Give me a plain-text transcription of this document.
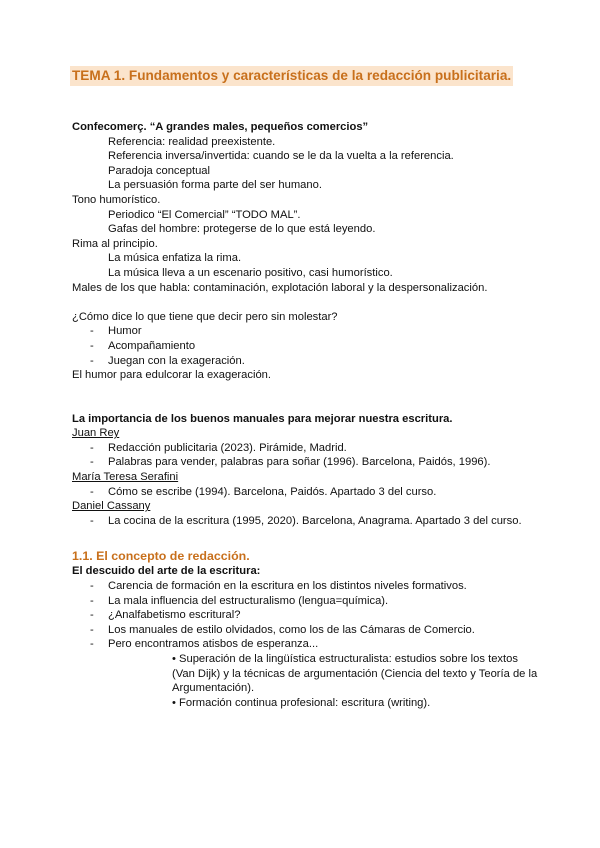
TEMA 1. Fundamentos y características de la redacción publicitaria.
Confecomerç. “A grandes males, pequeños comercios”
Referencia: realidad preexistente.
Referencia inversa/invertida: cuando se le da la vuelta a la referencia.
Paradoja conceptual
La persuasión forma parte del ser humano.
Tono humorístico.
Periodico “El Comercial” “TODO MAL”.
Gafas del hombre: protegerse de lo que está leyendo.
Rima al principio.
La música enfatiza la rima.
La música lleva a un escenario positivo, casi humorístico.
Males de los que habla: contaminación, explotación laboral y la despersonalización.
¿Cómo dice lo que tiene que decir pero sin molestar?
-	Humor
-	Acompañamiento
-	Juegan con la exageración.
El humor para edulcorar la exageración.
La importancia de los buenos manuales para mejorar nuestra escritura.
Juan Rey
-	Redacción publicitaria (2023). Pirámide, Madrid.
-	Palabras para vender, palabras para soñar (1996). Barcelona, Paidós, 1996).
María Teresa Serafini
-	Cómo se escribe (1994). Barcelona, Paidós. Apartado 3 del curso.
Daniel Cassany
-	La cocina de la escritura (1995, 2020). Barcelona, Anagrama. Apartado 3 del curso.
1.1. El concepto de redacción.
El descuido del arte de la escritura:
-	Carencia de formación en la escritura en los distintos niveles formativos.
-	La mala influencia del estructuralismo (lengua=química).
-	¿Analfabetismo escritural?
-	Los manuales de estilo olvidados, como los de las Cámaras de Comercio.
-	Pero encontramos atisbos de esperanza...
• Superación de la lingüística estructuralista: estudios sobre los textos (Van Dijk) y la técnicas de argumentación (Ciencia del texto y Teoría de la Argumentación).
• Formación continua profesional: escritura (writing).
